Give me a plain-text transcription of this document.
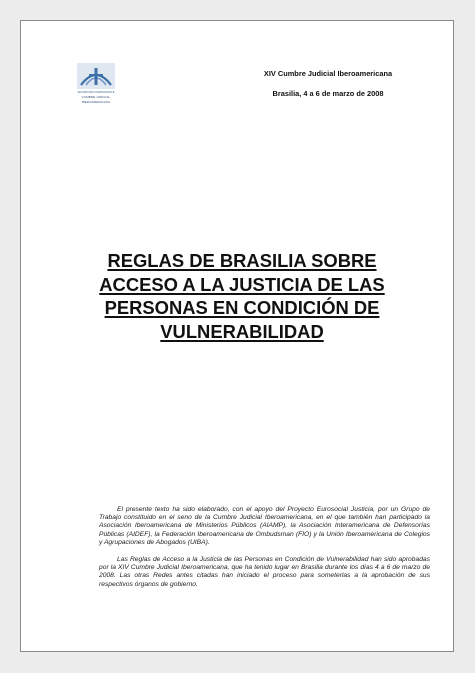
SECRETARÍA PERMANENTE
CUMBRE JUDICIAL
IBEROAMERICANA
XIV Cumbre Judicial Iberoamericana
Brasilia, 4 a 6 de marzo de 2008
REGLAS DE BRASILIA SOBRE
ACCESO A LA JUSTICIA DE LAS
PERSONAS EN CONDICIÓN DE
VULNERABILIDAD

El presente texto ha sido elaborado, con el apoyo del Proyecto Eurosocial Justicia, por un Grupo de Trabajo constituido en el seno de la Cumbre Judicial Iberoamericana, en el que también han participado la Asociación Iberoamericana de Ministerios Públicos (AIAMP), la Asociación Interamericana de Defensorías Públicas (AIDEF), la Federación Iberoamericana de Ombudsman (FIO) y la Unión Iberoamericana de Colegios y Agrupaciones de Abogados (UIBA).

Las Reglas de Acceso a la Justicia de las Personas en Condición de Vulnerabilidad han sido aprobadas por la XIV Cumbre Judicial Iberoamericana, que ha tenido lugar en Brasilia durante los días 4 a 6 de marzo de 2008. Las otras Redes antes citadas han iniciado el proceso para someterlas a la aprobación de sus respectivos órganos de gobierno.
